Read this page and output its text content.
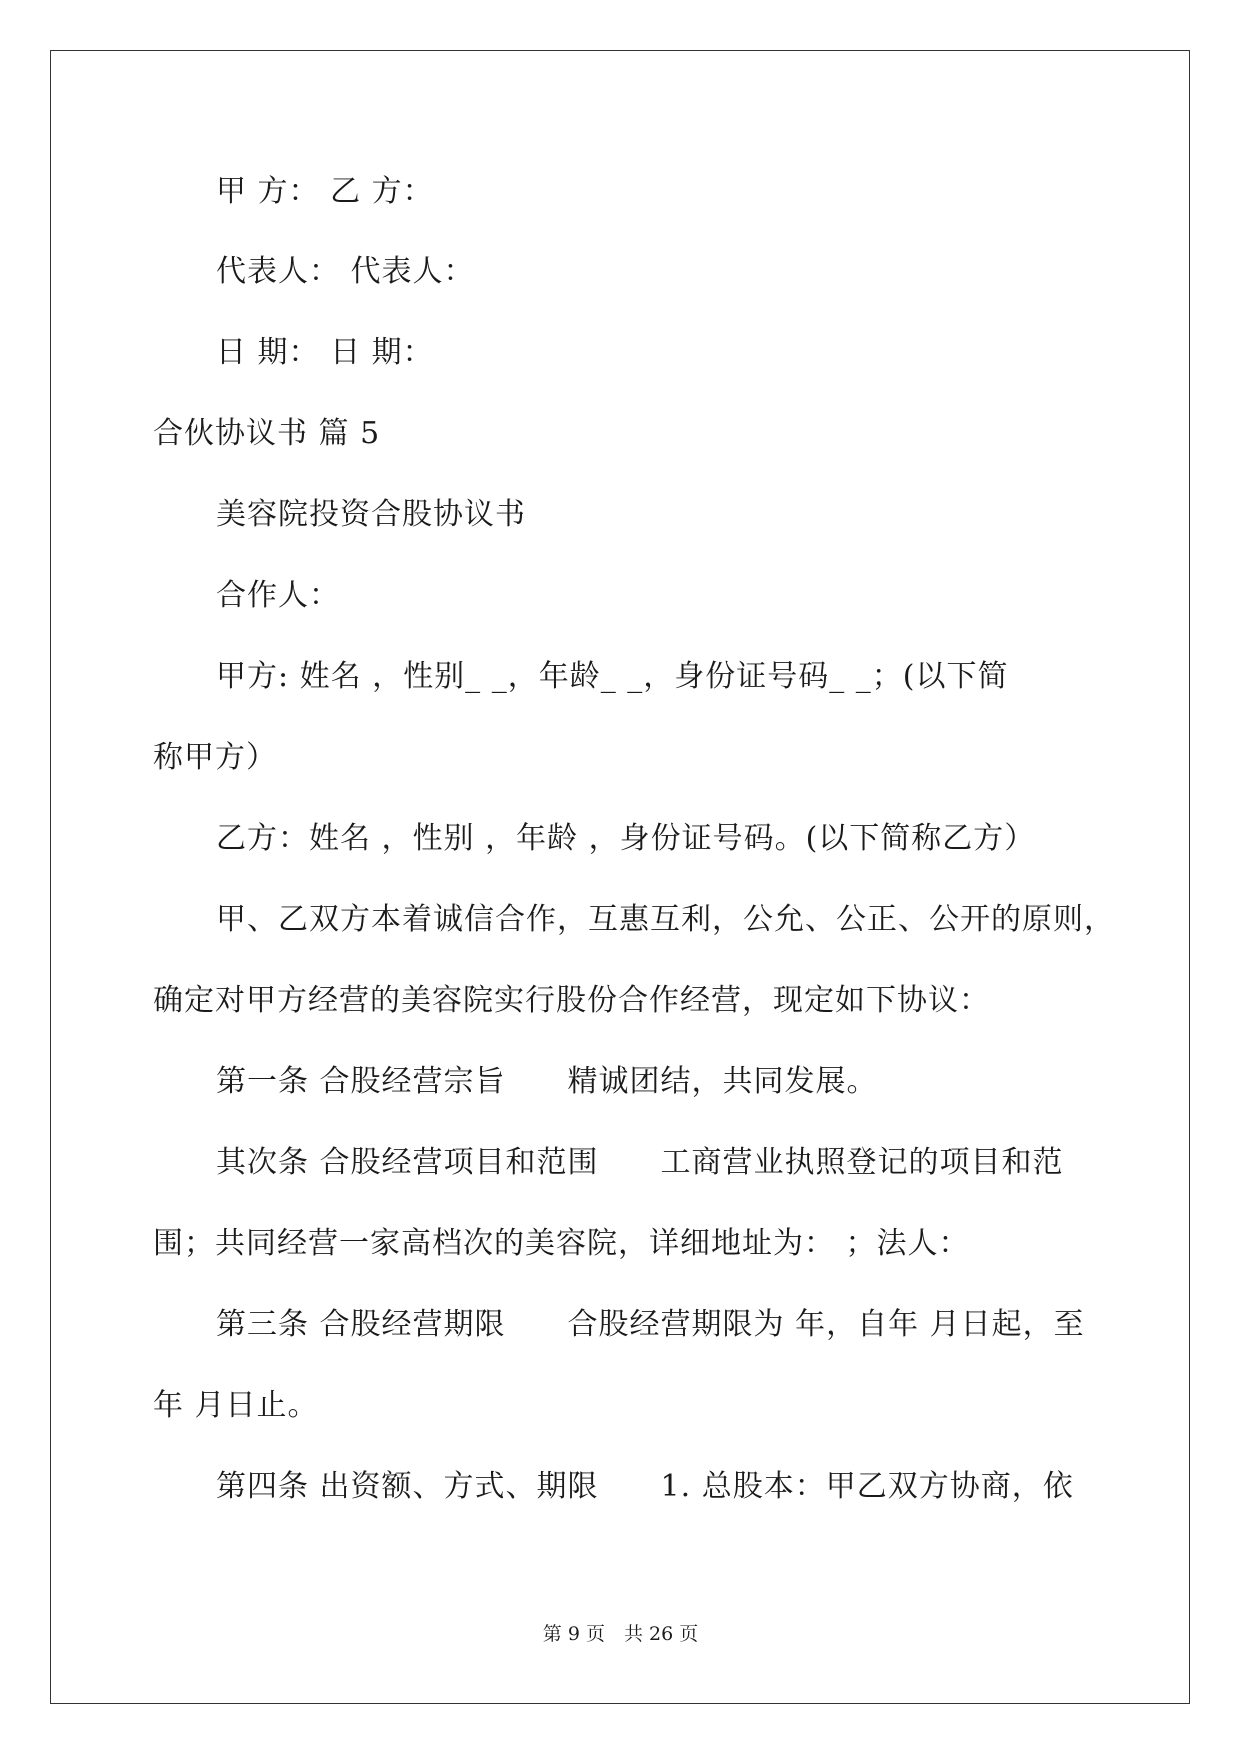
甲 方： 乙 方：
代表人： 代表人：
日 期： 日 期：
合伙协议书 篇 5
美容院投资合股协议书
合作人：
甲方: 姓名 ，性别_ _，年龄_ _，身份证号码_ _；(以下简
称甲方）
乙方：姓名 ，性别 ，年龄 ，身份证号码。(以下简称乙方）
甲、乙双方本着诚信合作，互惠互利，公允、公正、公开的原则，
确定对甲方经营的美容院实行股份合作经营，现定如下协议：
第一条 合股经营宗旨　　精诚团结，共同发展。
其次条 合股经营项目和范围　　工商营业执照登记的项目和范
围；共同经营一家高档次的美容院，详细地址为： ；法人：
第三条 合股经营期限　　合股经营期限为 年，自年 月日起，至
年 月日止。
第四条 出资额、方式、期限　　1. 总股本：甲乙双方协商，依
第 9 页　共 26 页
